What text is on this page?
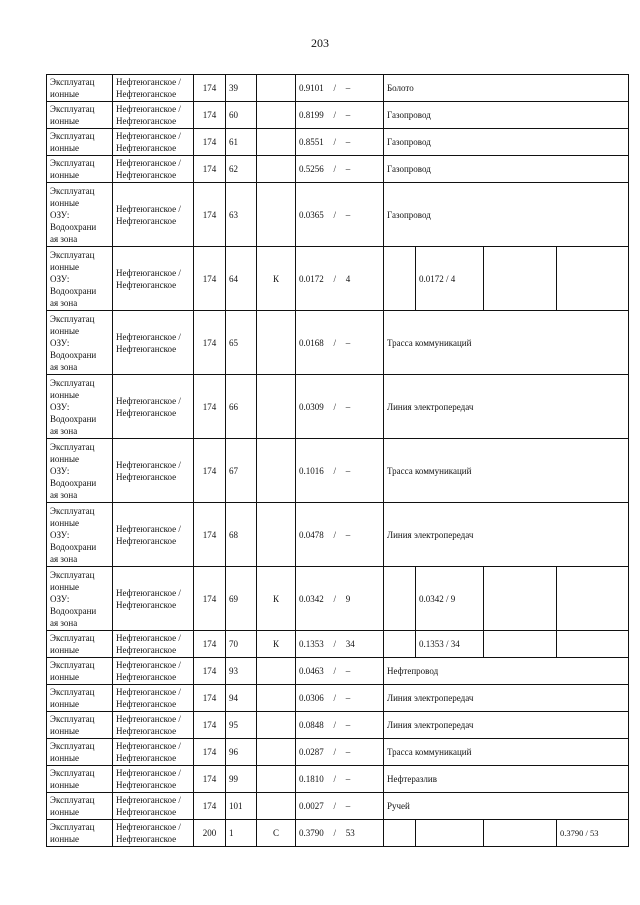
203
Эксплуатац
ионные	Нефтеюганское / Нефтеюганское	174	39		0.9101 / –	Болото			
Эксплуатац
ионные	Нефтеюганское / Нефтеюганское	174	60		0.8199 / –	Газопровод			
Эксплуатац
ионные	Нефтеюганское / Нефтеюганское	174	61		0.8551 / –	Газопровод			
Эксплуатац
ионные	Нефтеюганское / Нефтеюганское	174	62		0.5256 / –	Газопровод			
Эксплуатац
ионные
ОЗУ:
Водоохрани
ая зона	Нефтеюганское / Нефтеюганское	174	63		0.0365 / –	Газопровод			
Эксплуатац
ионные
ОЗУ:
Водоохрани
ая зона	Нефтеюганское / Нефтеюганское	174	64	К	0.0172 / 4		0.0172 / 4		
Эксплуатац
ионные
ОЗУ:
Водоохрани
ая зона	Нефтеюганское / Нефтеюганское	174	65		0.0168 / –	Трасса коммуникаций			
Эксплуатац
ионные
ОЗУ:
Водоохрани
ая зона	Нефтеюганское / Нефтеюганское	174	66		0.0309 / –	Линия электропередач			
Эксплуатац
ионные
ОЗУ:
Водоохрани
ая зона	Нефтеюганское / Нефтеюганское	174	67		0.1016 / –	Трасса коммуникаций			
Эксплуатац
ионные
ОЗУ:
Водоохрани
ая зона	Нефтеюганское / Нефтеюганское	174	68		0.0478 / –	Линия электропередач			
Эксплуатац
ионные
ОЗУ:
Водоохрани
ая зона	Нефтеюганское / Нефтеюганское	174	69	К	0.0342 / 9		0.0342 / 9		
Эксплуатац
ионные	Нефтеюганское / Нефтеюганское	174	70	К	0.1353 / 34		0.1353 / 34		
Эксплуатац
ионные	Нефтеюганское / Нефтеюганское	174	93		0.0463 / –	Нефтепровод			
Эксплуатац
ионные	Нефтеюганское / Нефтеюганское	174	94		0.0306 / –	Линия электропередач			
Эксплуатац
ионные	Нефтеюганское / Нефтеюганское	174	95		0.0848 / –	Линия электропередач			
Эксплуатац
ионные	Нефтеюганское / Нефтеюганское	174	96		0.0287 / –	Трасса коммуникаций			
Эксплуатац
ионные	Нефтеюганское / Нефтеюганское	174	99		0.1810 / –	Нефтеразлив			
Эксплуатац
ионные	Нефтеюганское / Нефтеюганское	174	101		0.0027 / –	Ручей			
Эксплуатац
ионные	Нефтеюганское / Нефтеюганское	200	1	С	0.3790 / 53				0.3790 / 53
